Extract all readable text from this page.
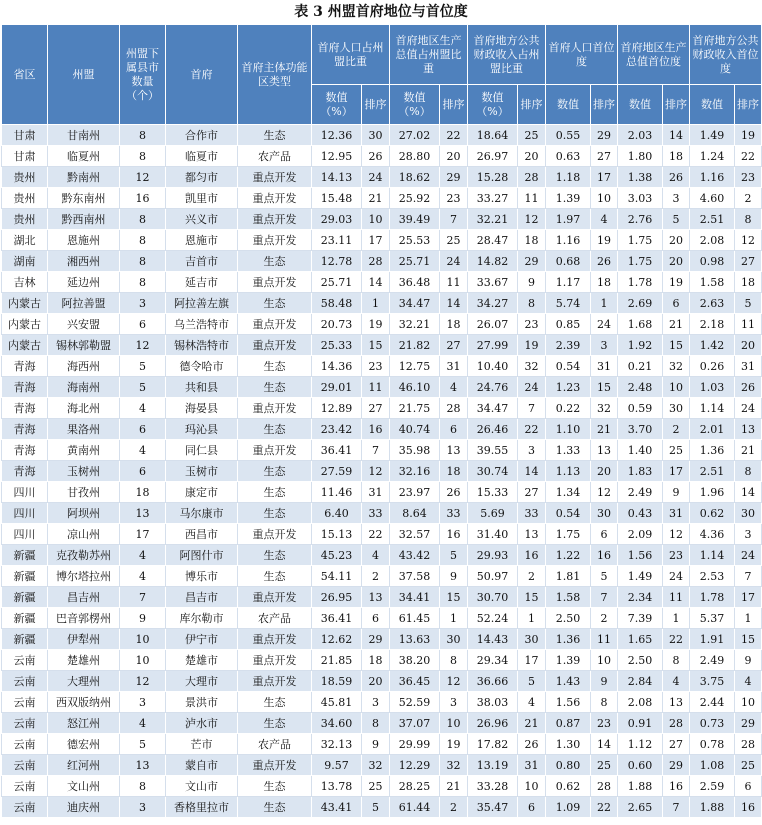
表 3 州盟首府地位与首位度
省区	州盟	州盟下属县市数量（个）	首府	首府主体功能区类型	首府人口占州盟比重		首府地区生产总值占州盟比重		首府地方公共财政收入占州盟比重		首府人口首位度		首府地区生产总值首位度		首府地方公共财政收入首位度	
					数值（%）	排序	数值（%）	排序	数值（%）	排序	数值	排序	数值	排序	数值	排序
甘肃	甘南州	8	合作市	生态	12.36	30	27.02	22	18.64	25	0.55	29	2.03	14	1.49	19
甘肃	临夏州	8	临夏市	农产品	12.95	26	28.80	20	26.97	20	0.63	27	1.80	18	1.24	22
贵州	黔南州	12	都匀市	重点开发	14.13	24	18.62	29	15.28	28	1.18	17	1.38	26	1.16	23
贵州	黔东南州	16	凯里市	重点开发	15.48	21	25.92	23	33.27	11	1.39	10	3.03	3	4.60	2
贵州	黔西南州	8	兴义市	重点开发	29.03	10	39.49	7	32.21	12	1.97	4	2.76	5	2.51	8
湖北	恩施州	8	恩施市	重点开发	23.11	17	25.53	25	28.47	18	1.16	19	1.75	20	2.08	12
湖南	湘西州	8	吉首市	生态	12.78	28	25.71	24	14.82	29	0.68	26	1.75	20	0.98	27
吉林	延边州	8	延吉市	重点开发	25.71	14	36.48	11	33.67	9	1.17	18	1.78	19	1.58	18
内蒙古	阿拉善盟	3	阿拉善左旗	生态	58.48	1	34.47	14	34.27	8	5.74	1	2.69	6	2.63	5
内蒙古	兴安盟	6	乌兰浩特市	重点开发	20.73	19	32.21	18	26.07	23	0.85	24	1.68	21	2.18	11
内蒙古	锡林郭勒盟	12	锡林浩特市	重点开发	25.33	15	21.82	27	27.99	19	2.39	3	1.92	15	1.42	20
青海	海西州	5	德令哈市	生态	14.36	23	12.75	31	10.40	32	0.54	31	0.21	32	0.26	31
青海	海南州	5	共和县	生态	29.01	11	46.10	4	24.76	24	1.23	15	2.48	10	1.03	26
青海	海北州	4	海晏县	重点开发	12.89	27	21.75	28	34.47	7	0.22	32	0.59	30	1.14	24
青海	果洛州	6	玛沁县	生态	23.42	16	40.74	6	26.46	22	1.10	21	3.70	2	2.01	13
青海	黄南州	4	同仁县	重点开发	36.41	7	35.98	13	39.55	3	1.33	13	1.40	25	1.36	21
青海	玉树州	6	玉树市	生态	27.59	12	32.16	18	30.74	14	1.13	20	1.83	17	2.51	8
四川	甘孜州	18	康定市	生态	11.46	31	23.97	26	15.33	27	1.34	12	2.49	9	1.96	14
四川	阿坝州	13	马尔康市	生态	6.40	33	8.64	33	5.69	33	0.54	30	0.43	31	0.62	30
四川	凉山州	17	西昌市	重点开发	15.13	22	32.57	16	31.40	13	1.75	6	2.09	12	4.36	3
新疆	克孜勒苏州	4	阿图什市	生态	45.23	4	43.42	5	29.93	16	1.22	16	1.56	23	1.14	24
新疆	博尔塔拉州	4	博乐市	生态	54.11	2	37.58	9	50.97	2	1.81	5	1.49	24	2.53	7
新疆	昌吉州	7	昌吉市	重点开发	26.95	13	34.41	15	30.70	15	1.58	7	2.34	11	1.78	17
新疆	巴音郭楞州	9	库尔勒市	农产品	36.41	6	61.45	1	52.24	1	2.50	2	7.39	1	5.37	1
新疆	伊犁州	10	伊宁市	重点开发	12.62	29	13.63	30	14.43	30	1.36	11	1.65	22	1.91	15
云南	楚雄州	10	楚雄市	重点开发	21.85	18	38.20	8	29.34	17	1.39	10	2.50	8	2.49	9
云南	大理州	12	大理市	重点开发	18.59	20	36.45	12	36.66	5	1.43	9	2.84	4	3.75	4
云南	西双版纳州	3	景洪市	生态	45.81	3	52.59	3	38.03	4	1.56	8	2.08	13	2.44	10
云南	怒江州	4	泸水市	生态	34.60	8	37.07	10	26.96	21	0.87	23	0.91	28	0.73	29
云南	德宏州	5	芒市	农产品	32.13	9	29.99	19	17.82	26	1.30	14	1.12	27	0.78	28
云南	红河州	13	蒙自市	重点开发	9.57	32	12.29	32	13.19	31	0.80	25	0.60	29	1.08	25
云南	文山州	8	文山市	生态	13.78	25	28.25	21	33.28	10	0.62	28	1.88	16	2.59	6
云南	迪庆州	3	香格里拉市	生态	43.41	5	61.44	2	35.47	6	1.09	22	2.65	7	1.88	16
